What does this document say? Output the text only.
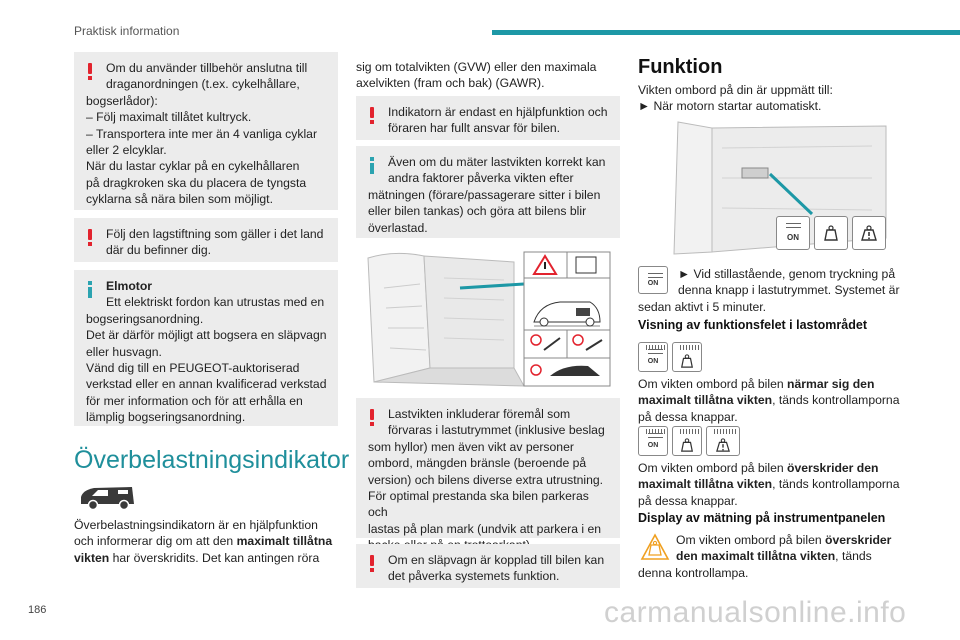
Praktisk information
Om du använder tillbehör anslutna till
draganordningen (t.ex. cykelhållare,
bogserlådor):
– Följ maximalt tillåtet kultryck.
– Transportera inte mer än 4 vanliga cyklar
eller 2 elcyklar.
När du lastar cyklar på en cykelhållaren
på dragkroken ska du placera de tyngsta
cyklarna så nära bilen som möjligt.
Följ den lagstiftning som gäller i det land
där du befinner dig.
Elmotor
Ett elektriskt fordon kan utrustas med en
bogseringsanordning.
Det är därför möjligt att bogsera en släpvagn
eller husvagn.
Vänd dig till en PEUGEOT-auktoriserad
verkstad eller en annan kvalificerad verkstad
för mer information och för att erhålla en
lämplig bogseringsanordning.
Överbelastningsindikator
Överbelastningsindikatorn är en hjälpfunktion
och informerar dig om att den maximalt tillåtna
vikten har överskridits. Det kan antingen röra
sig om totalvikten (GVW) eller den maximala
axelvikten (fram och bak) (GAWR).
Indikatorn är endast en hjälpfunktion och
föraren har fullt ansvar för bilen.
Även om du mäter lastvikten korrekt kan
andra faktorer påverka vikten efter
mätningen (förare/passagerare sitter i bilen
eller bilen tankas) och göra att bilens blir
överlastad.
Lastvikten inkluderar föremål som
förvaras i lastutrymmet (inklusive beslag
som hyllor) men även vikt av personer
ombord, mängden bränsle (beroende på
version) och bilens diverse extra utrustning.
För optimal prestanda ska bilen parkeras och
lastas på plan mark (undvik att parkera i en
Om en släpvagn är kopplad till bilen kan
det påverka systemets funktion.
Funktion
Vikten ombord på din är uppmätt till:
► När motorn startar automatiskt.
ON
ON
► Vid stillastående, genom tryckning på
denna knapp i lastutrymmet. Systemet är
sedan aktivt i 5 minuter.
Visning av funktionsfelet i lastområdet
ON
Om vikten ombord på bilen närmar sig den
maximalt tillåtna vikten, tänds kontrollamporna
på dessa knappar.
ON
Om vikten ombord på bilen överskrider den
maximalt tillåtna vikten, tänds kontrollamporna
på dessa knappar.
Display av mätning på instrumentpanelen
Om vikten ombord på bilen överskrider
den maximalt tillåtna vikten, tänds
denna kontrollampa.
186	carmanualsonline.info
